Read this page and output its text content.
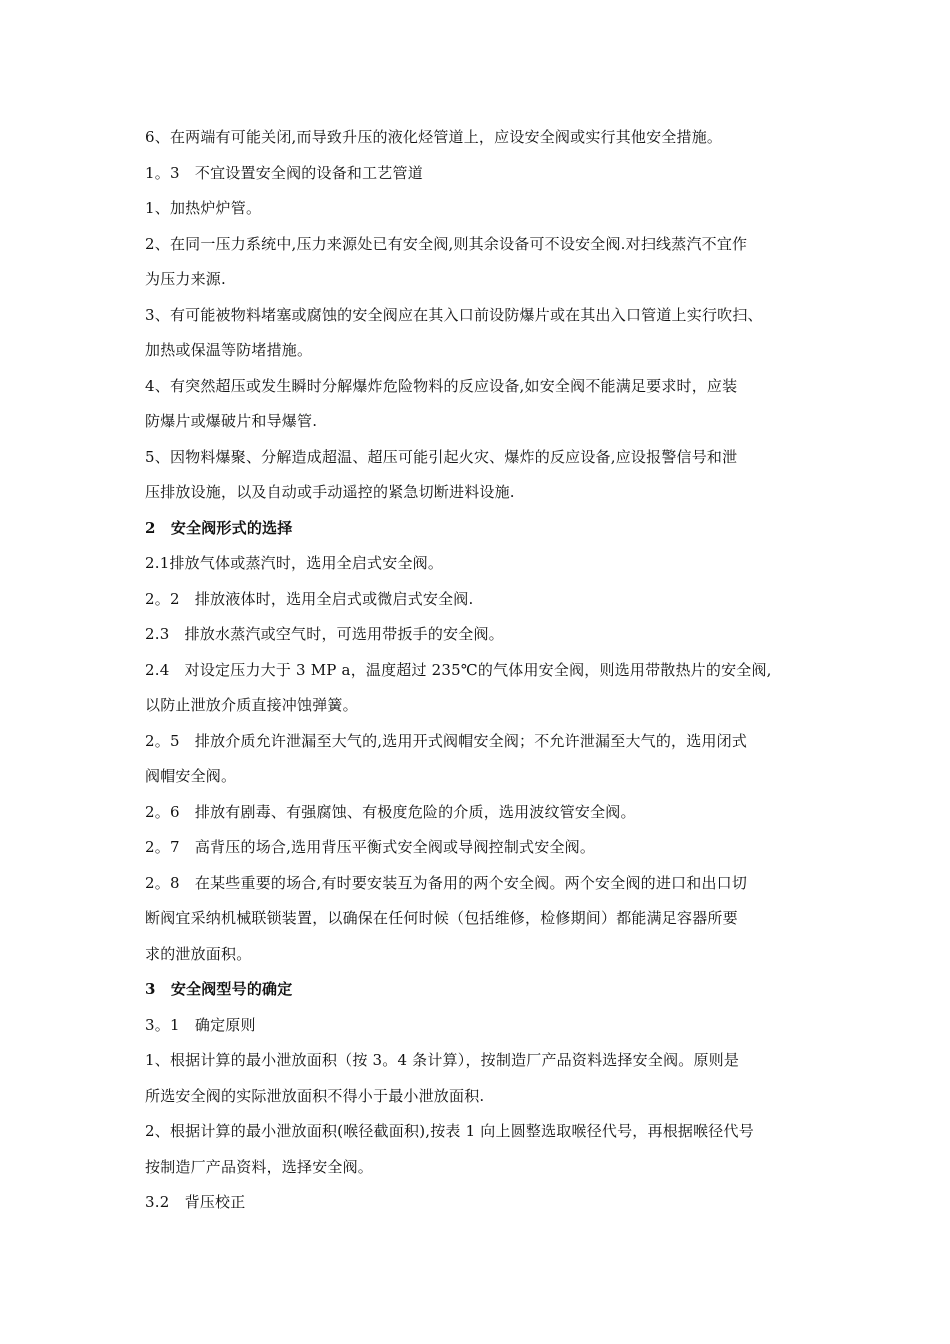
6、在两端有可能关闭,而导致升压的液化烃管道上，应设安全阀或实行其他安全措施。
1。3　不宜设置安全阀的设备和工艺管道
1、加热炉炉管。
2、在同一压力系统中,压力来源处已有安全阀,则其余设备可不设安全阀.对扫线蒸汽不宜作
为压力来源.
3、有可能被物料堵塞或腐蚀的安全阀应在其入口前设防爆片或在其出入口管道上实行吹扫、
加热或保温等防堵措施。
4、有突然超压或发生瞬时分解爆炸危险物料的反应设备,如安全阀不能满足要求时，应装
防爆片或爆破片和导爆管.
5、因物料爆聚、分解造成超温、超压可能引起火灾、爆炸的反应设备,应设报警信号和泄
压排放设施，以及自动或手动遥控的紧急切断进料设施.
2　安全阀形式的选择
2.1排放气体或蒸汽时，选用全启式安全阀。
2。2　排放液体时，选用全启式或微启式安全阀.
2.3　排放水蒸汽或空气时，可选用带扳手的安全阀。
2.4　对设定压力大于 3 MP a，温度超过 235℃的气体用安全阀，则选用带散热片的安全阀,
以防止泄放介质直接冲蚀弹簧。
2。5　排放介质允许泄漏至大气的,选用开式阀帽安全阀；不允许泄漏至大气的，选用闭式
阀帽安全阀。
2。6　排放有剧毒、有强腐蚀、有极度危险的介质，选用波纹管安全阀。
2。7　高背压的场合,选用背压平衡式安全阀或导阀控制式安全阀。
2。8　在某些重要的场合,有时要安装互为备用的两个安全阀。两个安全阀的进口和出口切
断阀宜采纳机械联锁装置，以确保在任何时候（包括维修，检修期间）都能满足容器所要
求的泄放面积。
3　安全阀型号的确定
3。1　确定原则
1、根据计算的最小泄放面积（按 3。4 条计算），按制造厂产品资料选择安全阀。原则是
所选安全阀的实际泄放面积不得小于最小泄放面积.
2、根据计算的最小泄放面积(喉径截面积),按表 1 向上圆整选取喉径代号，再根据喉径代号
按制造厂产品资料，选择安全阀。
3.2　背压校正
